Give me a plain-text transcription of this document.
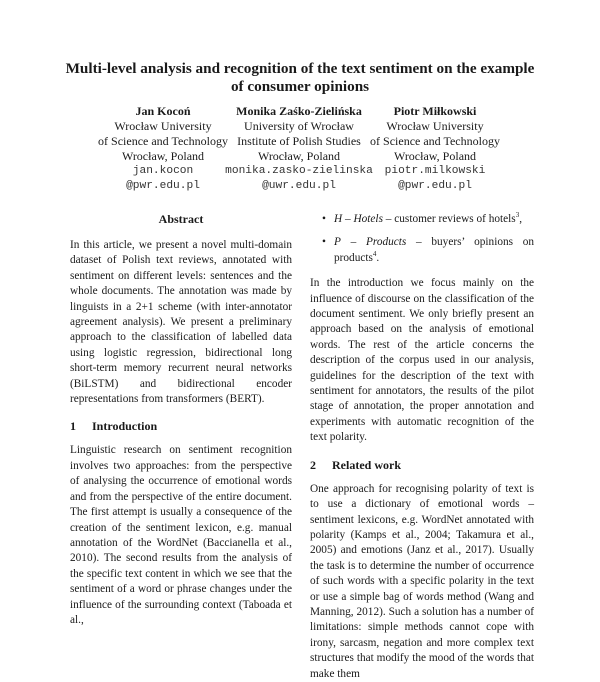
Multi-level analysis and recognition of the text sentiment on the example of consumer opinions
Jan Kocoń
Wrocław University
of Science and Technology
Wrocław, Poland
jan.kocon
@pwr.edu.pl
Monika Zaśko-Zielińska
University of Wrocław
Institute of Polish Studies
Wrocław, Poland
monika.zasko-zielinska
@uwr.edu.pl
Piotr Miłkowski
Wrocław University
of Science and Technology
Wrocław, Poland
piotr.milkowski
@pwr.edu.pl
Abstract

In this article, we present a novel multi-domain dataset of Polish text reviews, annotated with sentiment on different levels: sentences and the whole documents. The annotation was made by linguists in a 2+1 scheme (with inter-annotator agreement analysis). We present a preliminary approach to the classification of labelled data using logistic regression, bidirectional long short-term memory recurrent neural networks (BiLSTM) and bidirectional encoder representations from transformers (BERT).

1 Introduction

Linguistic research on sentiment recognition involves two approaches: from the perspective of analysing the occurrence of emotional words and from the perspective of the entire document. The first attempt is usually a consequence of the creation of the sentiment lexicon, e.g. manual annotation of the WordNet (Baccianella et al., 2010). The second results from the analysis of the specific text content in which we see that the sentiment of a word or phrase changes under the influence of the surrounding context (Taboada et al.,

• H – Hotels – customer reviews of hotels$^3$,
• P – Products – buyers’ opinions on products$^4$.

In the introduction we focus mainly on the influence of discourse on the classification of the document sentiment. We only briefly present an approach based on the analysis of emotional words. The rest of the article concerns the description of the corpus used in our analysis, guidelines for the description of the text with sentiment for annotators, the results of the pilot stage of annotation, the proper annotation and experiments with automatic recognition of the text polarity.

2 Related work

One approach for recognising polarity of text is to use a dictionary of emotional words – sentiment lexicons, e.g. WordNet annotated with polarity (Kamps et al., 2004; Takamura et al., 2005) and emotions (Janz et al., 2017). Usually the task is to determine the number of occurrence of such words with a specific polarity in the text or use a simple bag of words method (Wang and Manning, 2012). Such a solution has a number of limitations: simple methods cannot cope with irony, sarcasm, negation and more complex text structures that modify the mood of the words that make them
